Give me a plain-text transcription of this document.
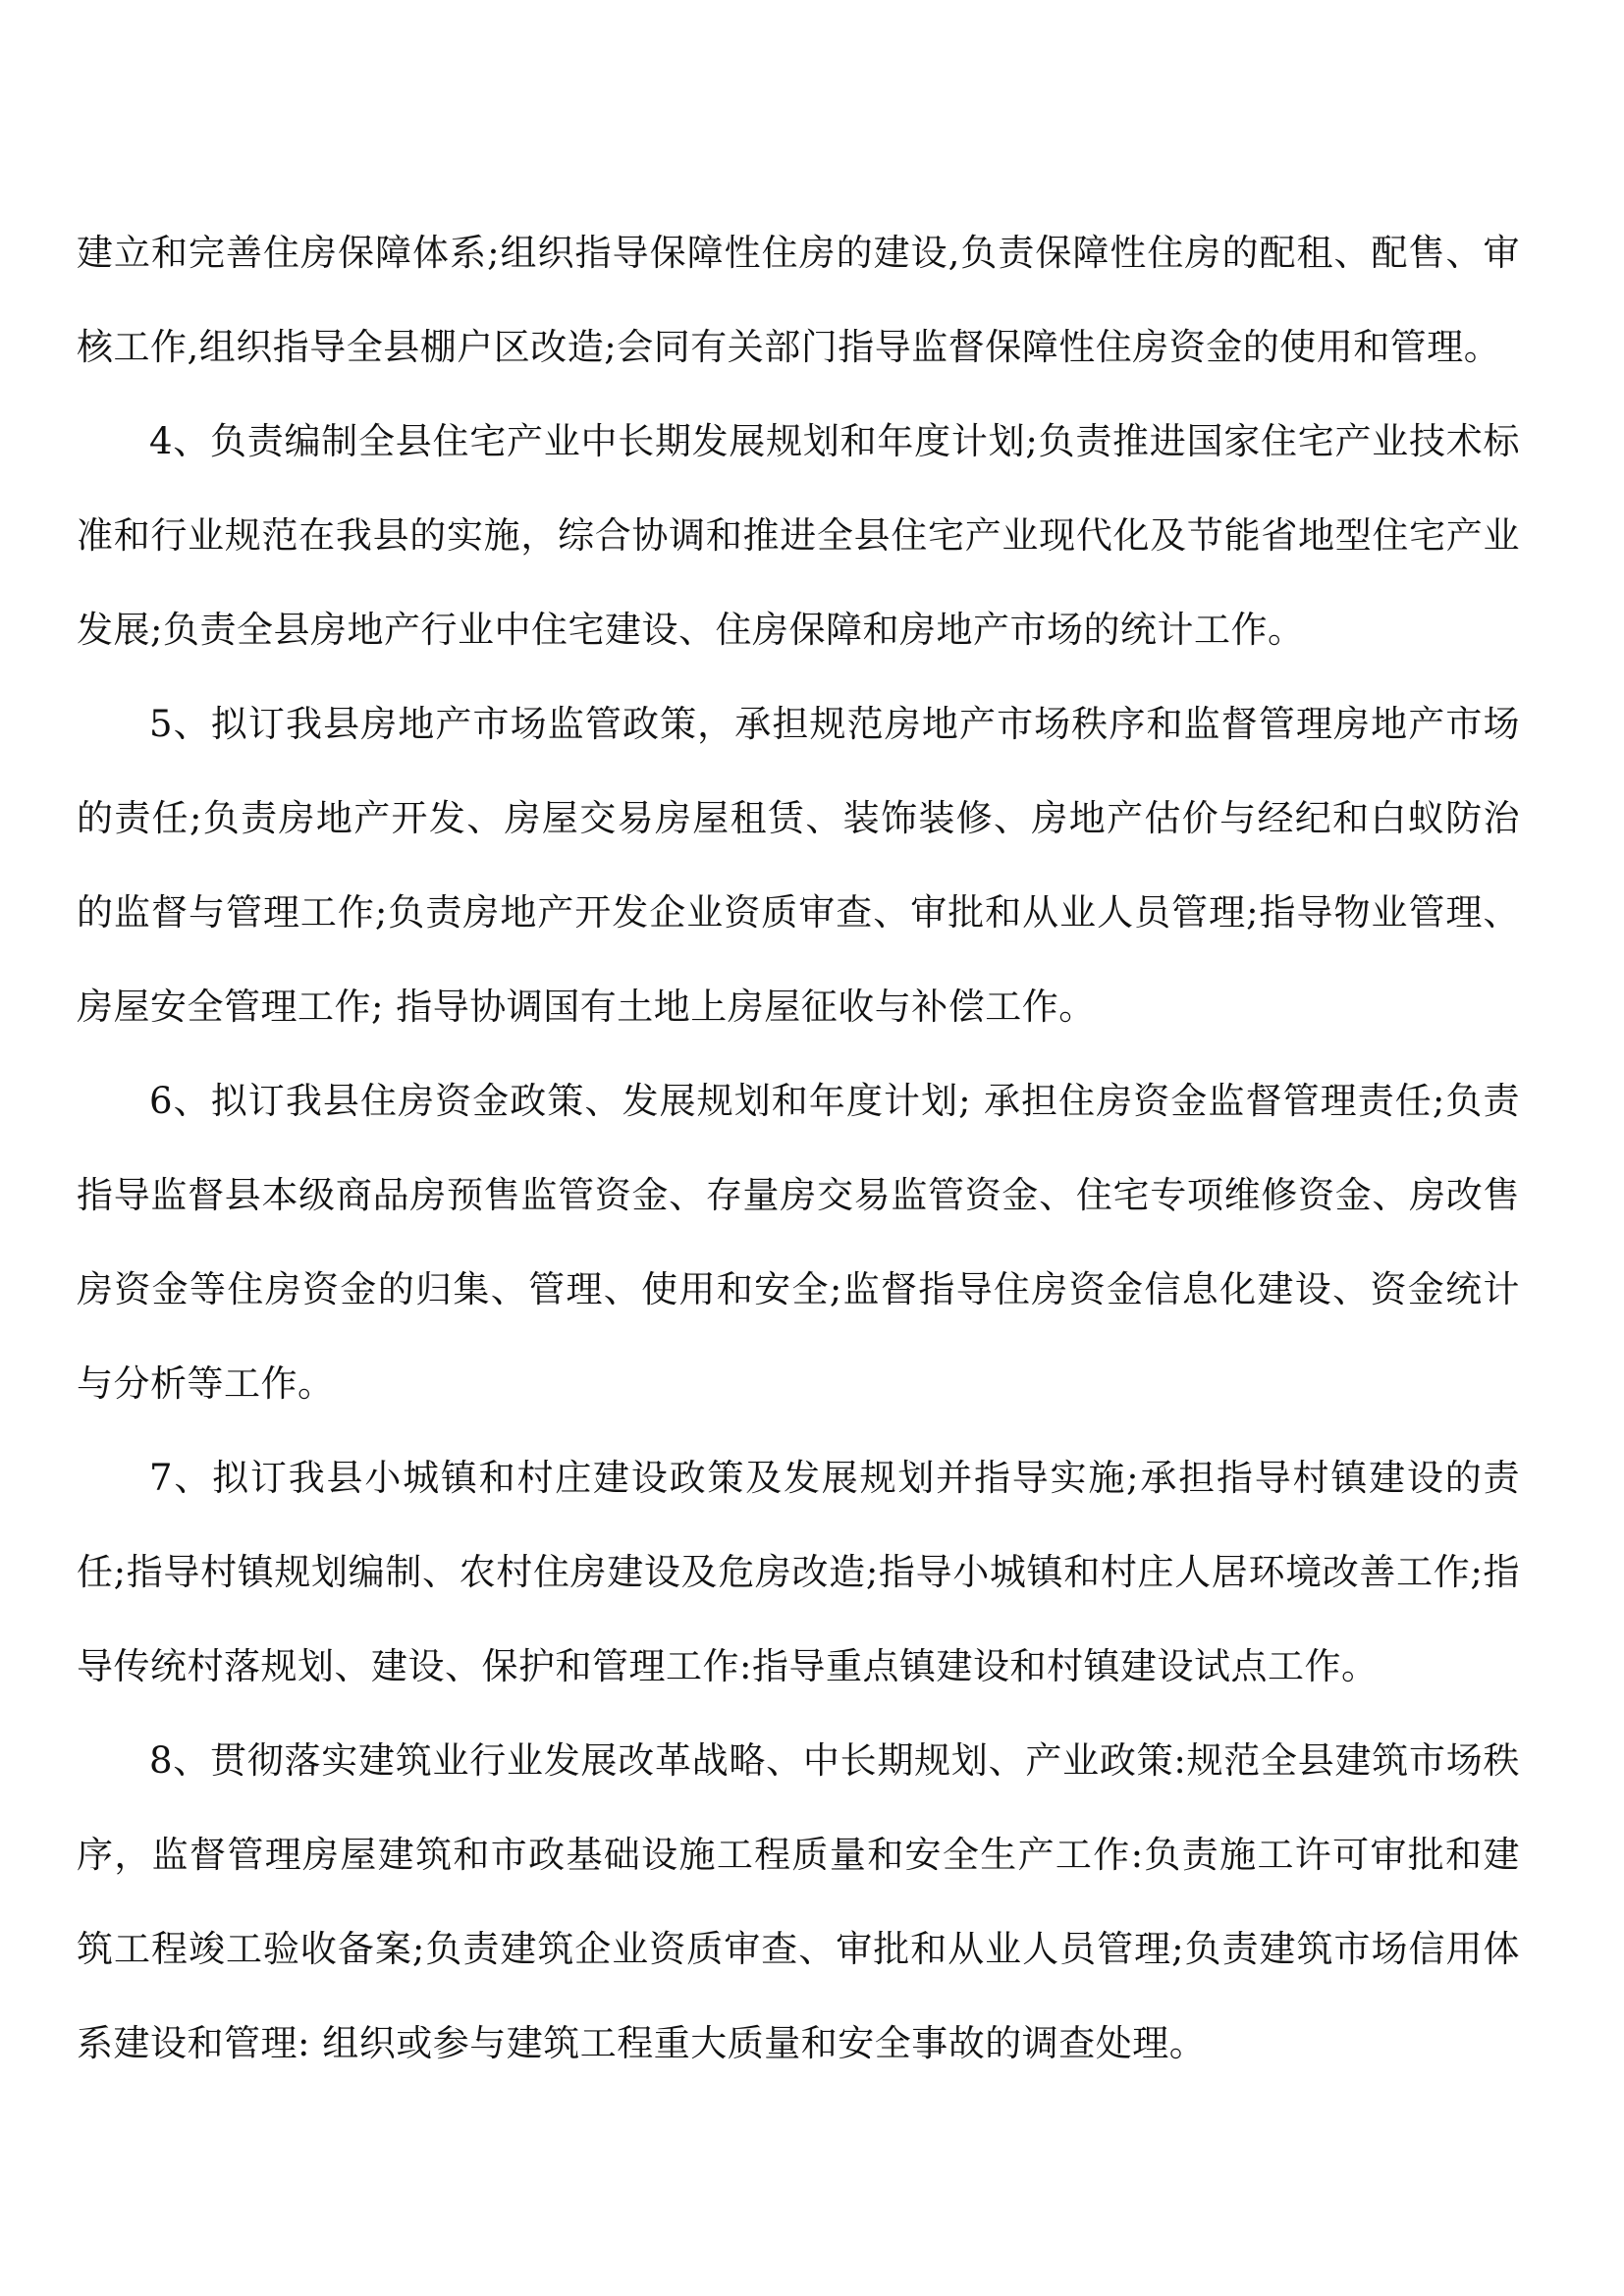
建立和完善住房保障体系;组织指导保障性住房的建设,负责保障性住房的配租、配售、审核工作,组织指导全县棚户区改造;会同有关部门指导监督保障性住房资金的使用和管理。

4、负责编制全县住宅产业中长期发展规划和年度计划;负责推进国家住宅产业技术标准和行业规范在我县的实施，综合协调和推进全县住宅产业现代化及节能省地型住宅产业发展;负责全县房地产行业中住宅建设、住房保障和房地产市场的统计工作。

5、拟订我县房地产市场监管政策，承担规范房地产市场秩序和监督管理房地产市场的责任;负责房地产开发、房屋交易房屋租赁、装饰装修、房地产估价与经纪和白蚁防治的监督与管理工作;负责房地产开发企业资质审查、审批和从业人员管理;指导物业管理、房屋安全管理工作; 指导协调国有土地上房屋征收与补偿工作。

6、拟订我县住房资金政策、发展规划和年度计划; 承担住房资金监督管理责任;负责指导监督县本级商品房预售监管资金、存量房交易监管资金、住宅专项维修资金、房改售房资金等住房资金的归集、管理、使用和安全;监督指导住房资金信息化建设、资金统计与分析等工作。

7、拟订我县小城镇和村庄建设政策及发展规划并指导实施;承担指导村镇建设的责任;指导村镇规划编制、农村住房建设及危房改造;指导小城镇和村庄人居环境改善工作;指导传统村落规划、建设、保护和管理工作:指导重点镇建设和村镇建设试点工作。

8、贯彻落实建筑业行业发展改革战略、中长期规划、产业政策:规范全县建筑市场秩序，监督管理房屋建筑和市政基础设施工程质量和安全生产工作:负责施工许可审批和建筑工程竣工验收备案;负责建筑企业资质审查、审批和从业人员管理;负责建筑市场信用体系建设和管理: 组织或参与建筑工程重大质量和安全事故的调查处理。
